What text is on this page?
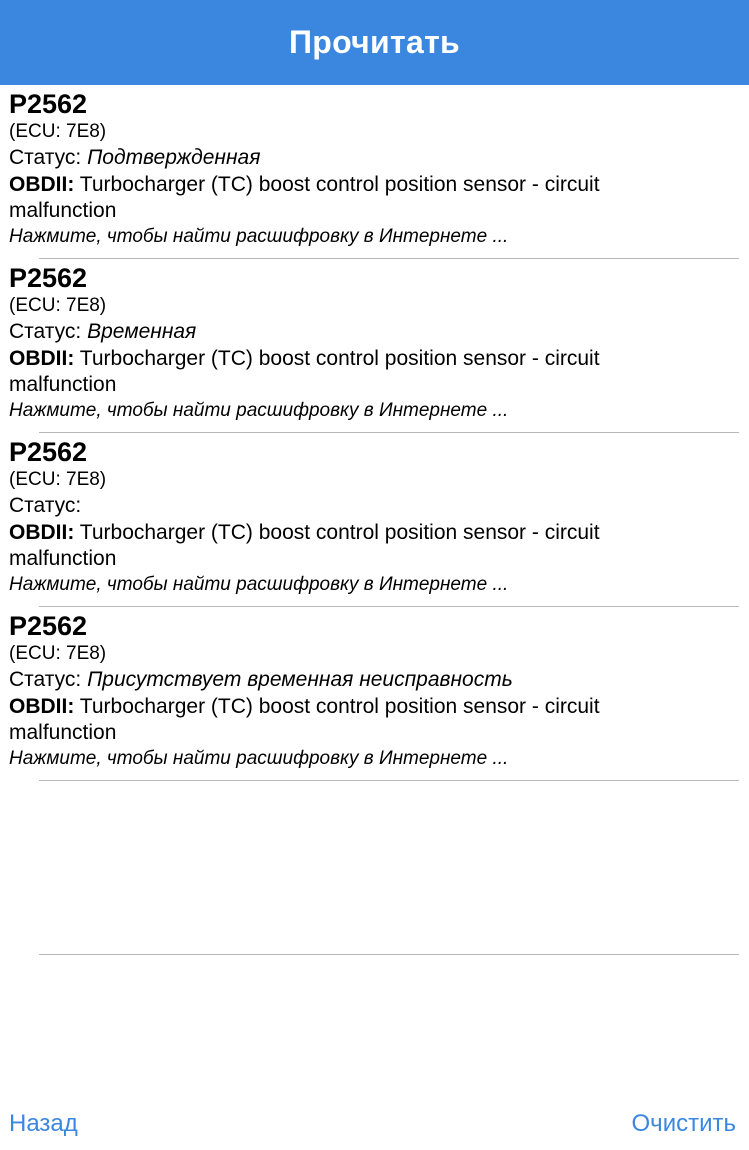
Прочитать
P2562
(ECU: 7E8)
Статус: Подтвержденная
OBDII: Turbocharger (TC) boost control position sensor - circuit malfunction
Нажмите, чтобы найти расшифровку в Интернете ...
P2562
(ECU: 7E8)
Статус: Временная
OBDII: Turbocharger (TC) boost control position sensor - circuit malfunction
Нажмите, чтобы найти расшифровку в Интернете ...
P2562
(ECU: 7E8)
Статус:
OBDII: Turbocharger (TC) boost control position sensor - circuit malfunction
Нажмите, чтобы найти расшифровку в Интернете ...
P2562
(ECU: 7E8)
Статус: Присутствует временная неисправность
OBDII: Turbocharger (TC) boost control position sensor - circuit malfunction
Нажмите, чтобы найти расшифровку в Интернете ...
Назад	Очистить
